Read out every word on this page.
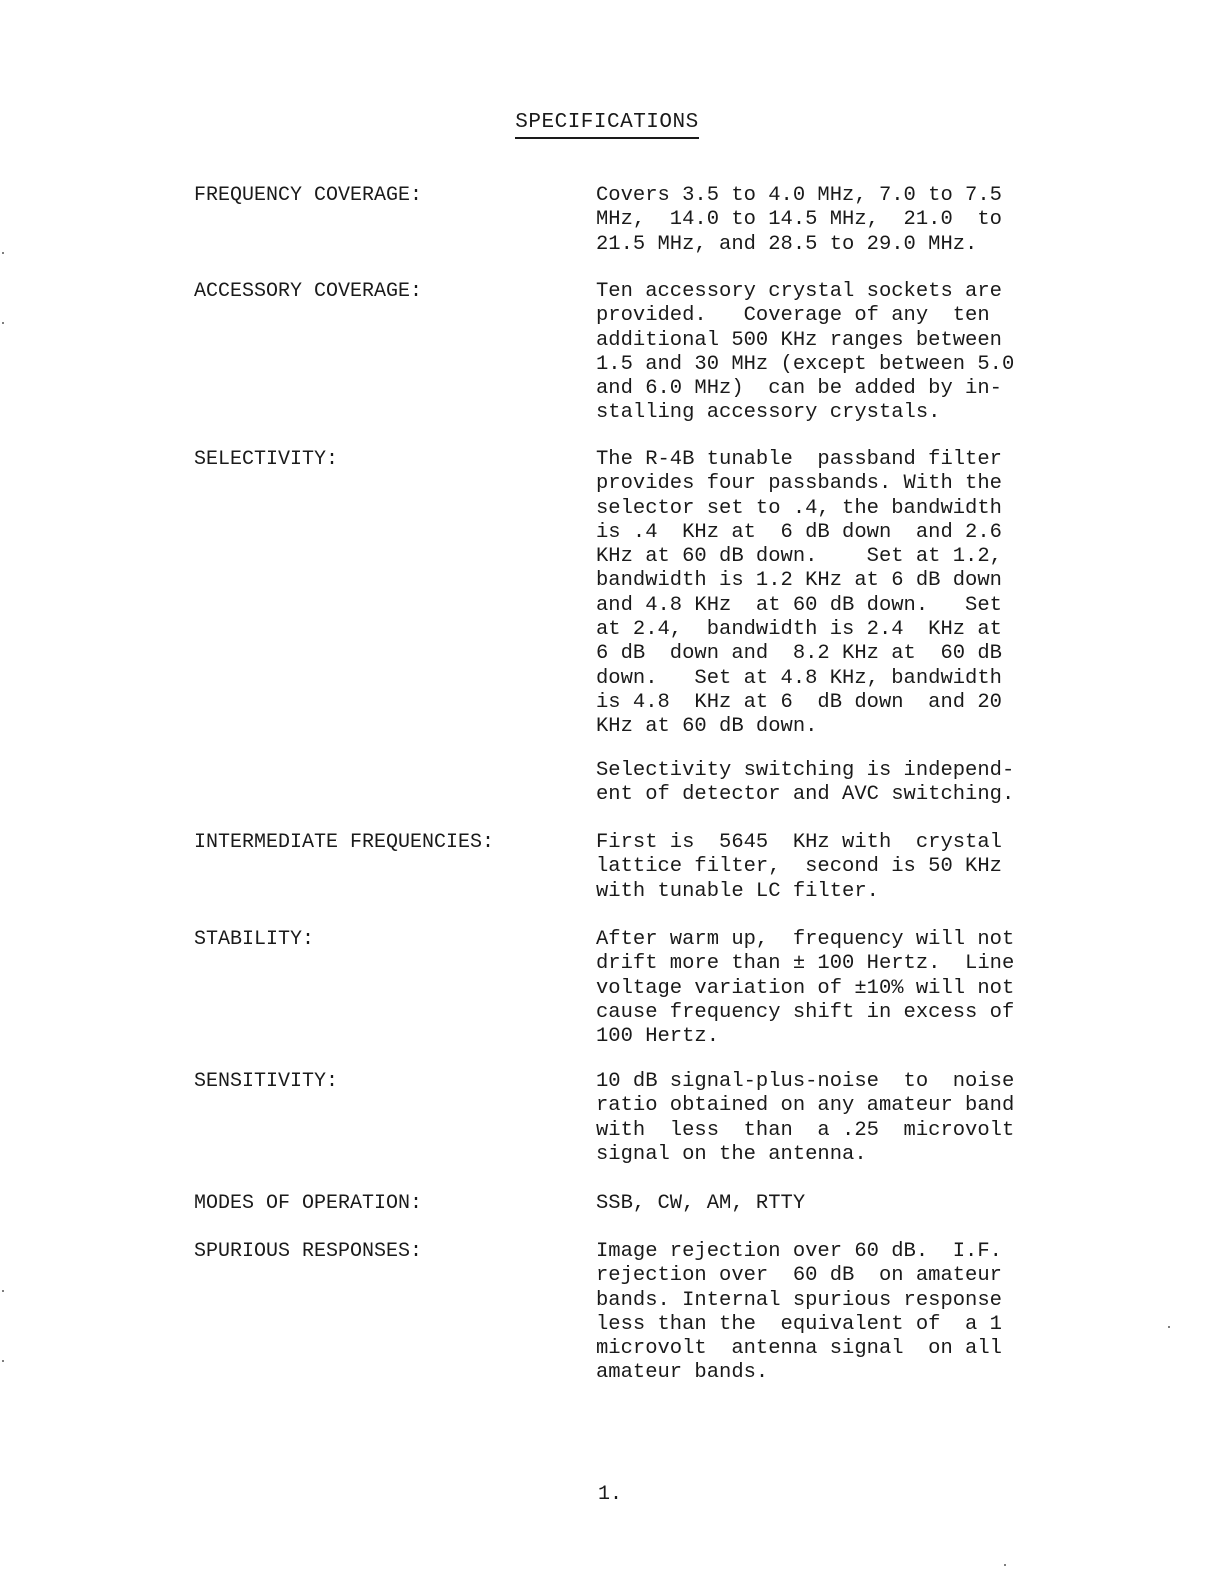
SPECIFICATIONS
FREQUENCY COVERAGE:	Covers 3.5 to 4.0 MHz, 7.0 to 7.5

MHz,  14.0 to 14.5 MHz,  21.0  to

21.5 MHz, and 28.5 to 29.0 MHz.

ACCESSORY COVERAGE:	Ten accessory crystal sockets are

provided.   Coverage of any  ten

additional 500 KHz ranges between

1.5 and 30 MHz (except between 5.0

and 6.0 MHz)  can be added by in-

stalling accessory crystals.

SELECTIVITY:	The R-4B tunable  passband filter

provides four passbands. With the

selector set to .4, the bandwidth

is .4  KHz at  6 dB down  and 2.6

KHz at 60 dB down.    Set at 1.2,

bandwidth is 1.2 KHz at 6 dB down

and 4.8 KHz  at 60 dB down.   Set

at 2.4,  bandwidth is 2.4  KHz at

6 dB  down and  8.2 KHz at  60 dB

down.   Set at 4.8 KHz, bandwidth

is 4.8  KHz at 6  dB down  and 20

KHz at 60 dB down.

Selectivity switching is independ-

ent of detector and AVC switching.

INTERMEDIATE FREQUENCIES:	First is  5645  KHz with  crystal

lattice filter,  second is 50 KHz

with tunable LC filter.

STABILITY:	After warm up,  frequency will not

drift more than ± 100 Hertz.  Line

voltage variation of ±10% will not

cause frequency shift in excess of

100 Hertz.

SENSITIVITY:	10 dB signal-plus-noise  to  noise

ratio obtained on any amateur band

with  less  than  a .25  microvolt

signal on the antenna.

MODES OF OPERATION:	SSB, CW, AM, RTTY

SPURIOUS RESPONSES:	Image rejection over 60 dB.  I.F.

rejection over  60 dB  on amateur

bands. Internal spurious response

less than the  equivalent of  a 1

microvolt  antenna signal  on all

amateur bands.

1.
